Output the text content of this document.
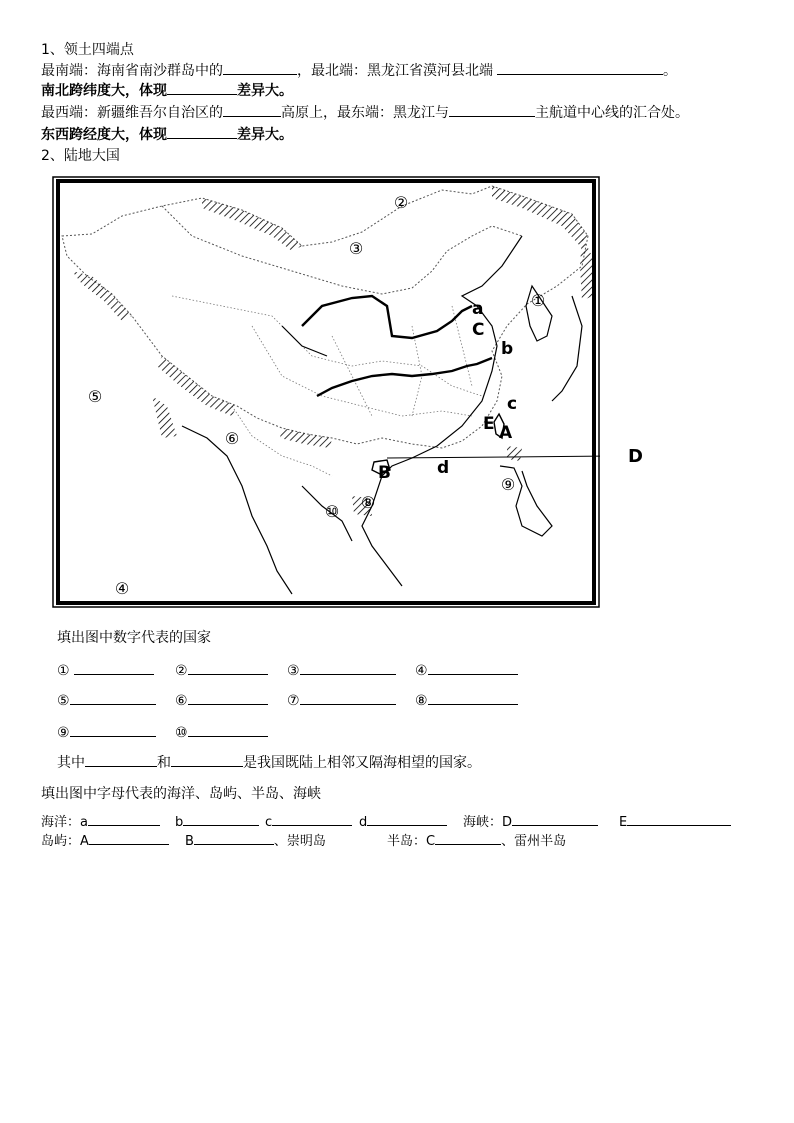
1、领土四端点
最南端：海南省南沙群岛中的	，最北端：黑龙江省漠河县北端	。
南北跨纬度大，体现	差异大。
最西端：新疆维吾尔自治区的	高原上，最东端：黑龙江与	主航道中心线的汇合处。
东西跨经度大，体现	差异大。
2、陆地大国
②
③
①
⑤
⑥
⑧
⑨
⑩
④
a
C
b
c
E A
d
B
D
填出图中数字代表的国家
①	②	③	④
⑤	⑥	⑦	⑧
⑨	⑩
其中	和	是我国既陆上相邻又隔海相望的国家。
填出图中字母代表的海洋、岛屿、半岛、海峡
海洋：a	b	c	d	海峡：D	E
岛屿：A	B	、崇明岛	半岛：C	、雷州半岛
